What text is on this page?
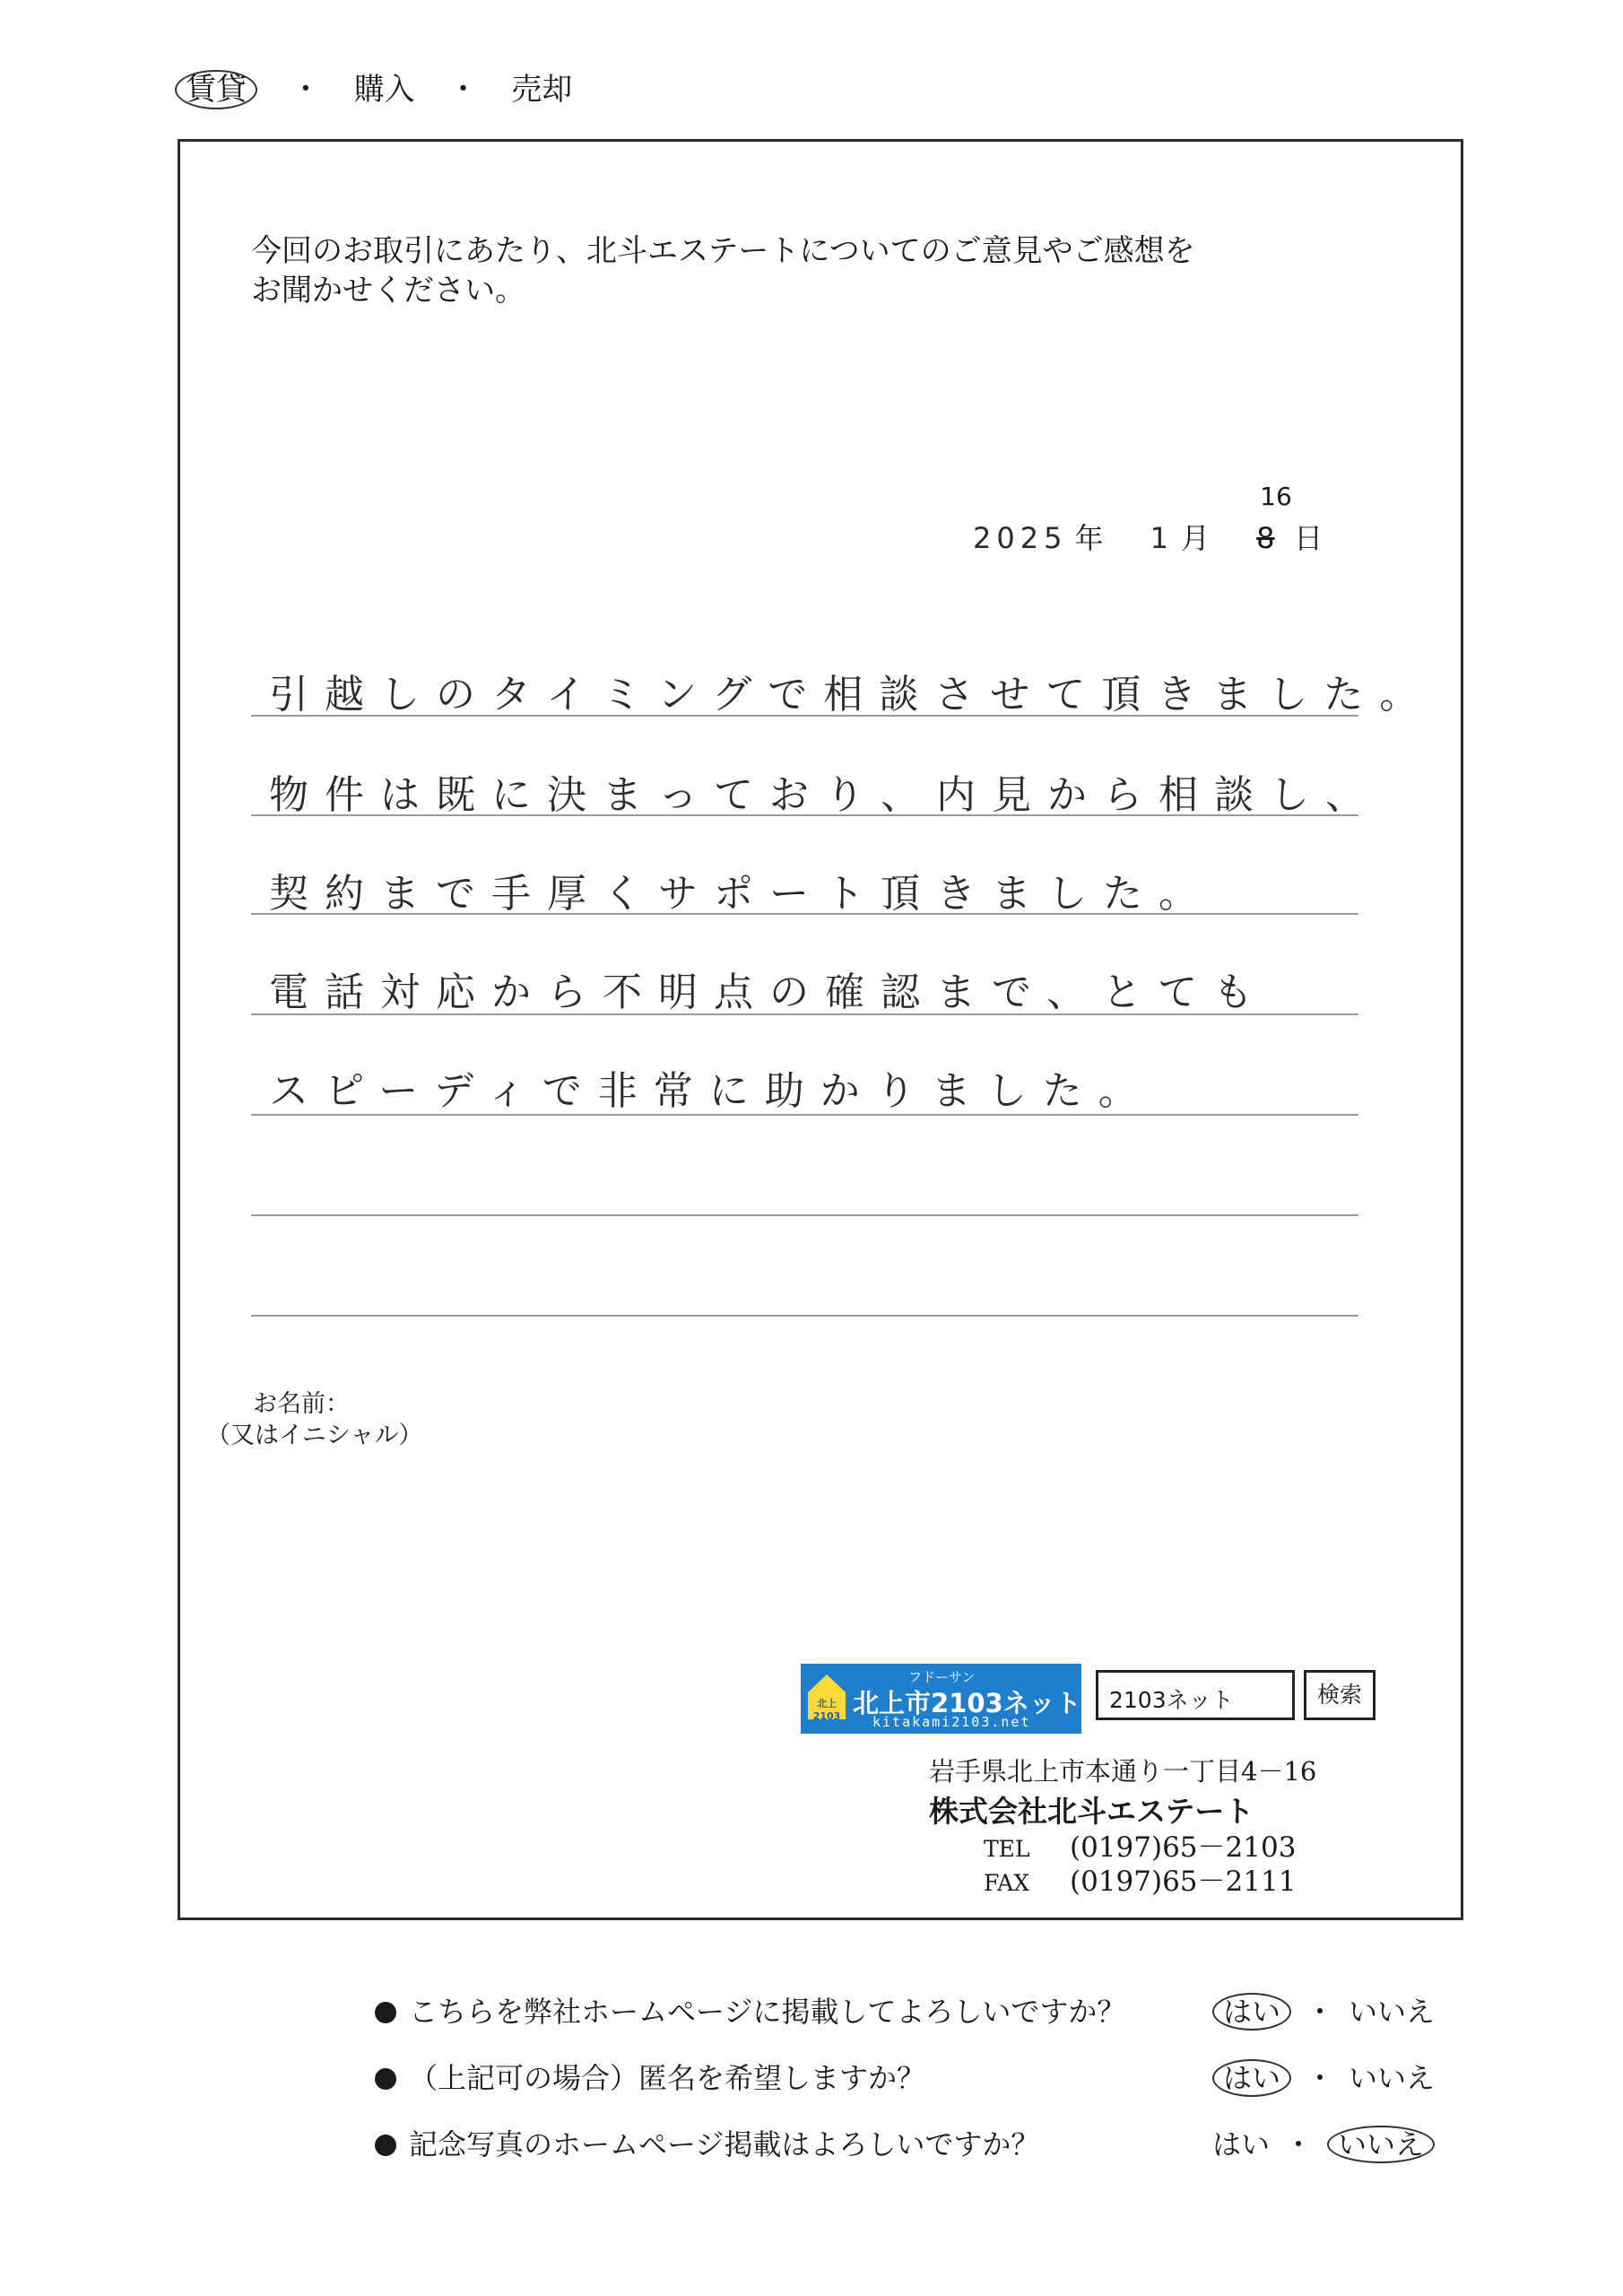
賃貸 ・ 購入 ・ 売却
今回のお取引にあたり、北斗エステートについてのご意見やご感想を
お聞かせください。
2025 年 1 月 8
16
日
引越しのタイミングで相談させて頂きました。
物件は既に決まっており、内見から相談し、
契約まで手厚くサポート頂きました。
電話対応から不明点の確認まで、とても
スピーディで非常に助かりました。
お名前：
（又はイニシャル）
北上2103
フドーサン
北上市2103ネット
kitakami2103.net
2103ネット	検索
岩手県北上市本通り一丁目4－16
株式会社北斗エステート
TEL (0197)65－2103
FAX (0197)65－2111
こちらを弊社ホームページに掲載してよろしいですか？	はい ・ いいえ
（上記可の場合）匿名を希望しますか？	はい ・ いいえ
記念写真のホームページ掲載はよろしいですか？	はい ・ いいえ
